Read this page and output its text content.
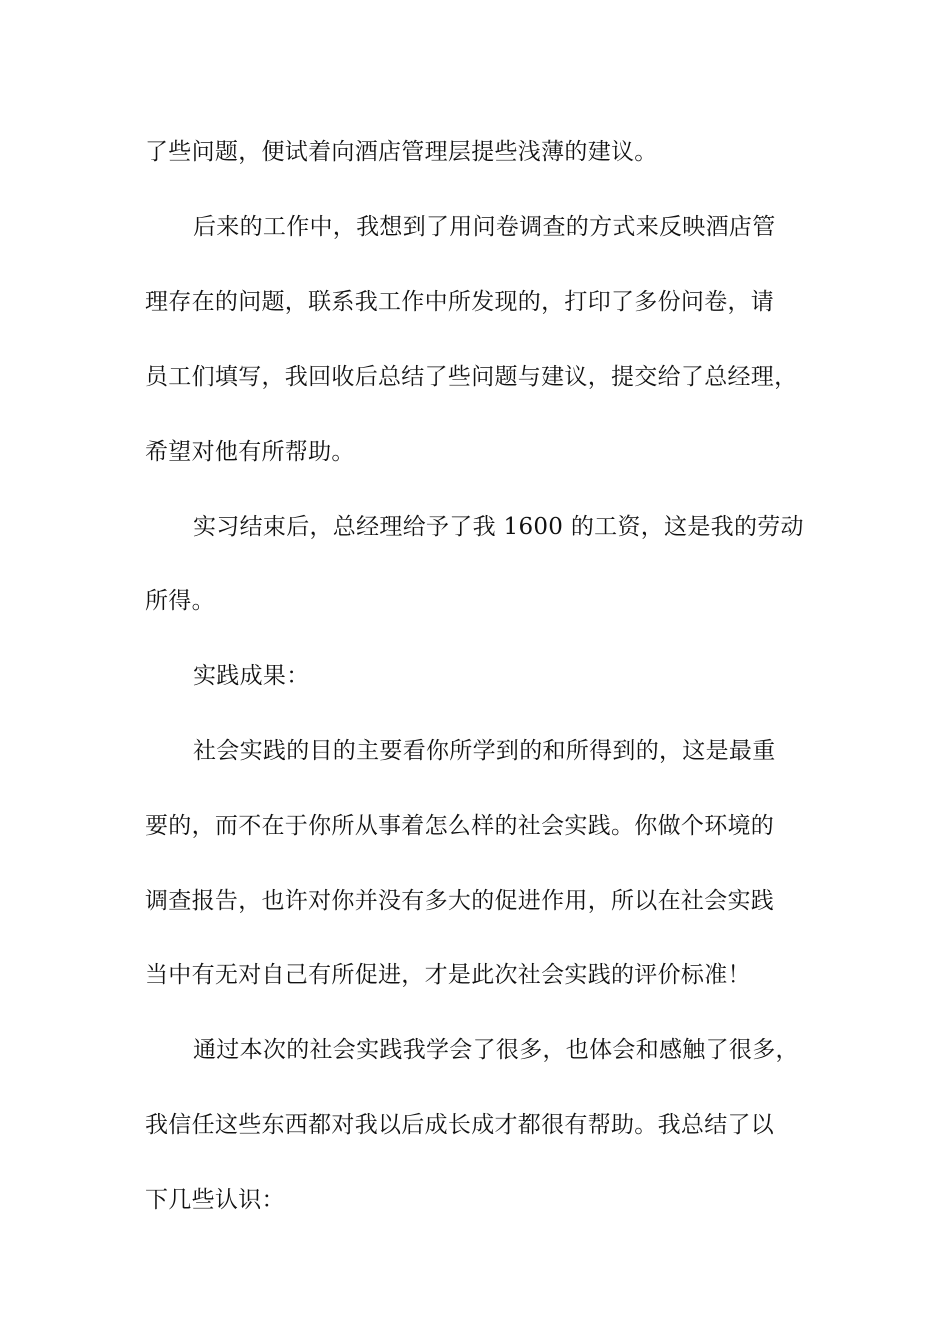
了些问题，便试着向酒店管理层提些浅薄的建议。
后来的工作中，我想到了用问卷调查的方式来反映酒店管
理存在的问题，联系我工作中所发现的，打印了多份问卷，请
员工们填写，我回收后总结了些问题与建议，提交给了总经理，
希望对他有所帮助。
实习结束后，总经理给予了我 1600 的工资，这是我的劳动
所得。
实践成果：
社会实践的目的主要看你所学到的和所得到的，这是最重
要的，而不在于你所从事着怎么样的社会实践。你做个环境的
调查报告，也许对你并没有多大的促进作用，所以在社会实践
当中有无对自己有所促进，才是此次社会实践的评价标准！
通过本次的社会实践我学会了很多，也体会和感触了很多，
我信任这些东西都对我以后成长成才都很有帮助。我总结了以
下几些认识：
